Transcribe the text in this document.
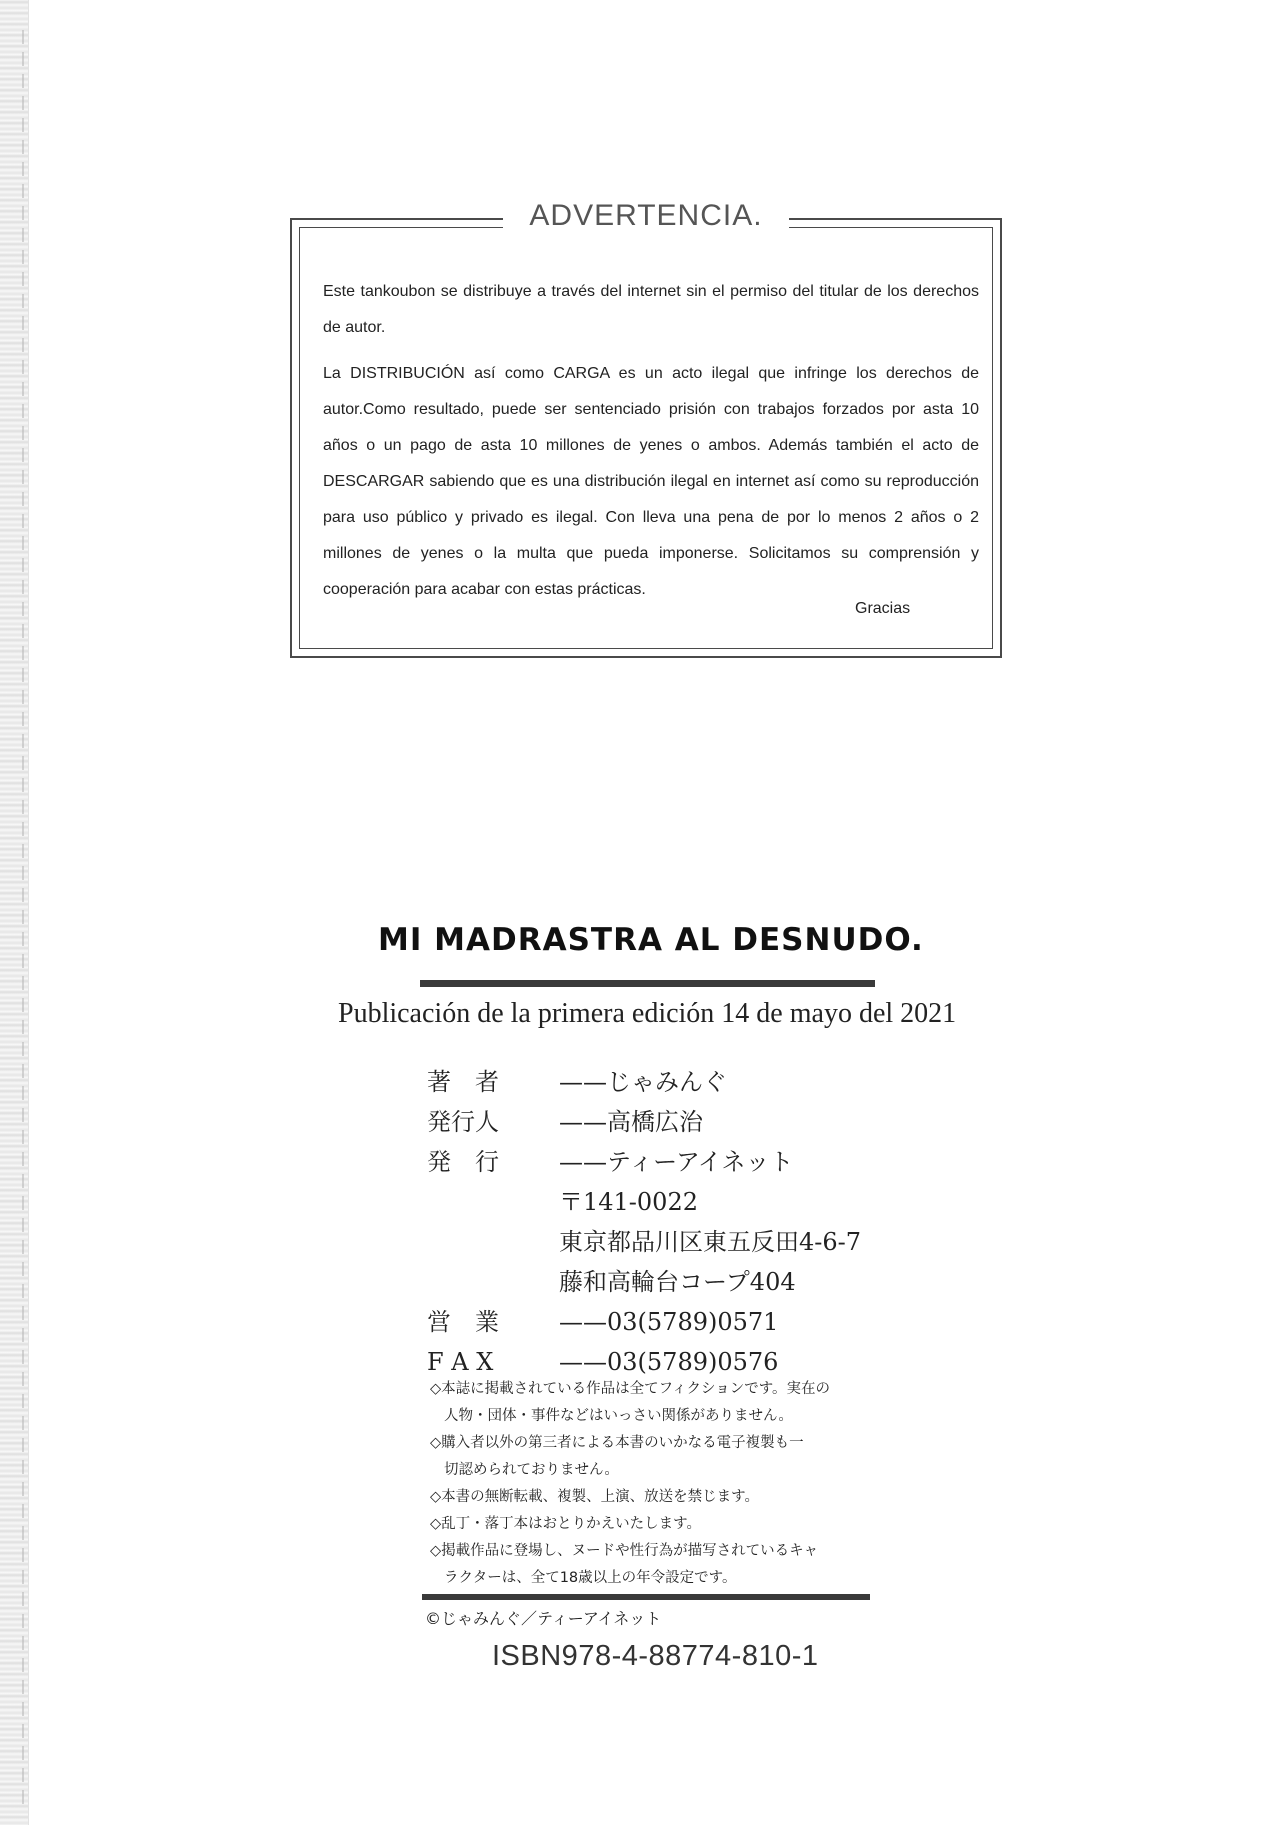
ADVERTENCIA.

Este tankoubon se distribuye a través del internet sin el permiso del titular de los derechos de autor.

La DISTRIBUCIÓN así como CARGA es un acto ilegal que infringe los derechos de autor.Como resultado, puede ser sentenciado prisión con trabajos forzados por asta 10 años o un pago de asta 10 millones de yenes o ambos. Además también el acto de DESCARGAR sabiendo que es una distribución ilegal en internet así como su reproducción para uso público y privado es ilegal. Con lleva una pena de por lo menos 2 años o 2 millones de yenes o la multa que pueda imponerse. Solicitamos su comprensión y cooperación para acabar con estas prácticas.

Gracias
MI MADRASTRA AL DESNUDO.
Publicación de la primera edición 14 de mayo del 2021
著　者	——じゃみんぐ
発行人	——高橋広治
発　行	——ティーアイネット
〒141-0022
東京都品川区東五反田4-6-7
藤和高輪台コープ404
営　業	——03(5789)0571
F A X	——03(5789)0576
◇本誌に掲載されている作品は全てフィクションです。実在の
人物・団体・事件などはいっさい関係がありません。
◇購入者以外の第三者による本書のいかなる電子複製も一
切認められておりません。
◇本書の無断転載、複製、上演、放送を禁じます。
◇乱丁・落丁本はおとりかえいたします。
◇掲載作品に登場し、ヌードや性行為が描写されているキャ
ラクターは、全て18歳以上の年令設定です。
©じゃみんぐ／ティーアイネット
ISBN978-4-88774-810-1
